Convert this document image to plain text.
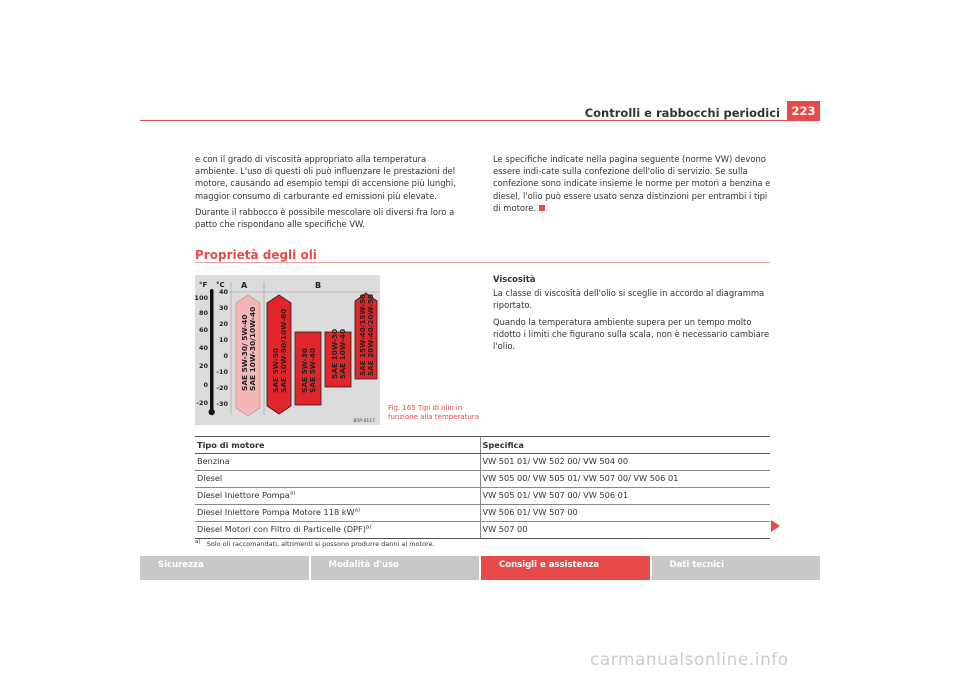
Controlli e rabbocchi periodici 223

e con il grado di viscosità appropriato alla temperatura ambiente. L'uso di questi oli può influenzare le prestazioni del motore, causando ad esempio tempi di accensione più lunghi, maggior consumo di carburante ed emissioni più elevate.

Durante il rabbocco è possibile mescolare oli diversi fra loro a patto che rispondano alle specifiche VW.

Le specifiche indicate nella pagina seguente (norme VW) devono essere indi-cate sulla confezione dell'olio di servizio. Se sulla confezione sono indicate insieme le norme per motori a benzina e diesel, l'olio può essere usato senza distinzioni per entrambi i tipi di motore.

Proprietà degli oli
°F °C A	B
100
80
60
40
20
0
-20
40
30
20
10
0
-10
-20
-30
SAE 5W-30/ 5W-40 SAE 10W-30/10W-40 SAE 5W-50 SAE 10W-50/10W-60 SAE 5W-30 SAE 5W-40 SAE 10W-30 SAE 10W-40 SAE 15W-40/15W-50 SAE 20W-40/20W-50
B5P-0117
Fig. 165 Tipi di olio in
funzione alla temperatura

Viscosità

La classe di viscosità dell'olio si sceglie in accordo al diagramma riportato.

Quando la temperatura ambiente supera per un tempo molto ridotto i limiti che figurano sulla scala, non è necessario cambiare l'olio.

Tipo di motore	Specifica
Benzina	VW 501 01/ VW 502 00/ VW 504 00
Diesel	VW 505 00/ VW 505 01/ VW 507 00/ VW 506 01
Diesel Iniettore Pompa$^{a)}$	VW 505 01/ VW 507 00/ VW 506 01
Diesel Iniettore Pompa Motore 118 $kW^{a)}$	VW 506 01/ VW 507 00
Diesel Motori con Filtro di Particelle (DPF)$^{a)}$	VW 507 00
$^{a)}$ Solo oli raccomandati, altrimenti si possono produrre danni al motore.
Sicurezza	Modalità d'uso	Consigli e assistenza	Dati tecnici
carmanualsonline.info
